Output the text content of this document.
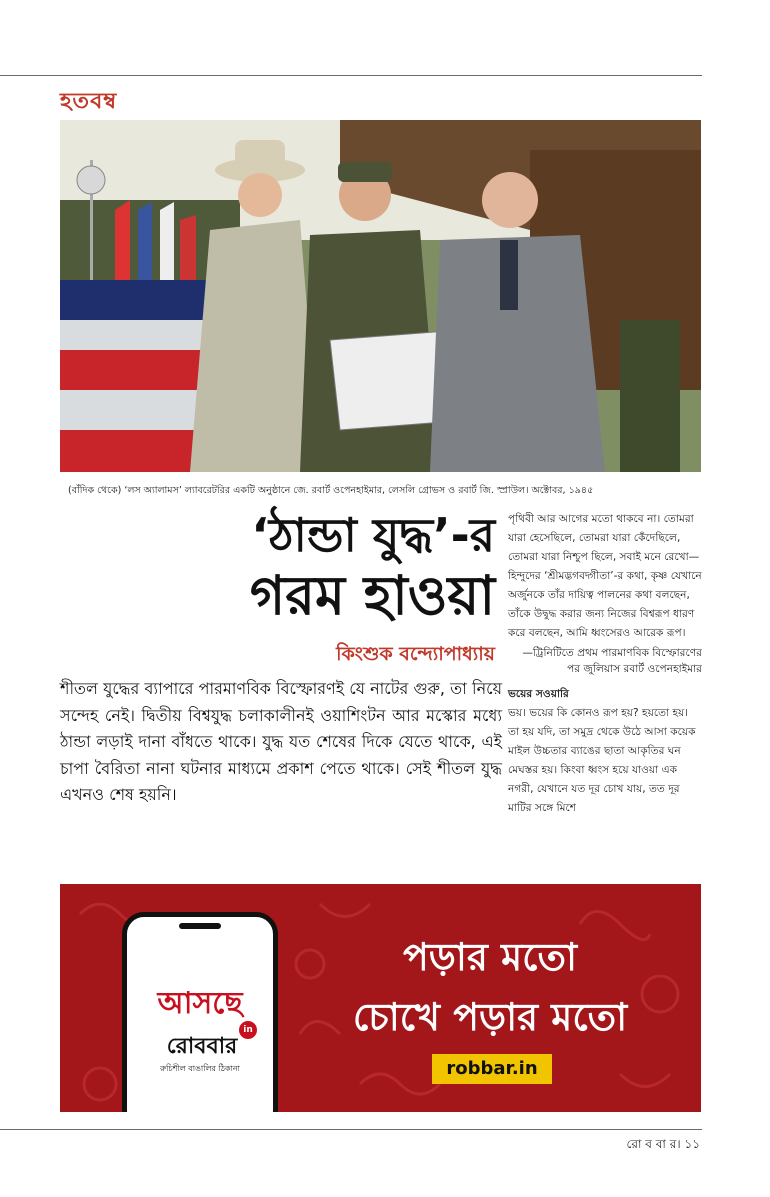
হতবম্ব
(বাঁদিক থেকে) ‘লস অ্যালামস’ ল্যাবরেটরির একটি অনুষ্ঠানে জে. রবার্ট ওপেনহাইমার, লেসলি গ্রোভস ও রবার্ট জি. স্প্রাউল। অক্টোবর, ১৯৪৫
‘ঠান্ডা যুদ্ধ’-র
গরম হাওয়া
কিংশুক বন্দ্যোপাধ্যায়

শীতল যুদ্ধের ব্যাপারে পারমাণবিক বিস্ফোরণই যে নাটের গুরু, তা নিয়ে সন্দেহ নেই। দ্বিতীয় বিশ্বযুদ্ধ চলাকালীনই ওয়াশিংটন আর মস্কোর মধ্যে ঠান্ডা লড়াই দানা বাঁধতে থাকে। যুদ্ধ যত শেষের দিকে যেতে থাকে, এই চাপা বৈরিতা নানা ঘটনার মাধ্যমে প্রকাশ পেতে থাকে। সেই শীতল যুদ্ধ এখনও শেষ হয়নি।

পৃথিবী আর আগের মতো থাকবে না। তোমরা যারা হেসেছিলে, তোমরা যারা কেঁদেছিলে, তোমরা যারা নিশ্চুপ ছিলে, সবাই মনে রেখো— হিন্দুদের ‘শ্রীমদ্ভগবদ্গীতা’-র কথা, কৃষ্ণ যেখানে অর্জুনকে তাঁর দায়িত্ব পালনের কথা বলছেন, তাঁকে উদ্বুদ্ধ করার জন্য নিজের বিশ্বরূপ ধারণ করে বলছেন, আমি ধ্বংসেরও আরেক রূপ।

—ট্রিনিটিতে প্রথম পারমাণবিক বিস্ফোরণের পর জুলিয়াস রবার্ট ওপেনহাইমার

ভয়ের সওয়ারি

ভয়। ভয়ের কি কোনও রূপ হয়? হয়তো হয়। তা হয় যদি, তা সমুদ্র থেকে উঠে আসা কয়েক মাইল উচ্চতার ব্যাঙের ছাতা আকৃতির ঘন মেঘস্তর হয়। কিংবা ধ্বংস হয়ে যাওয়া এক নগরী, যেখানে যত দূর চোখ যায়, তত দূর মাটির সঙ্গে মিশে

আসছে
রোববার
in
রুচিশীল বাঙালির ঠিকানা
পড়ার মতো
চোখে পড়ার মতো
robbar.in
রো ব বা র। ১১
